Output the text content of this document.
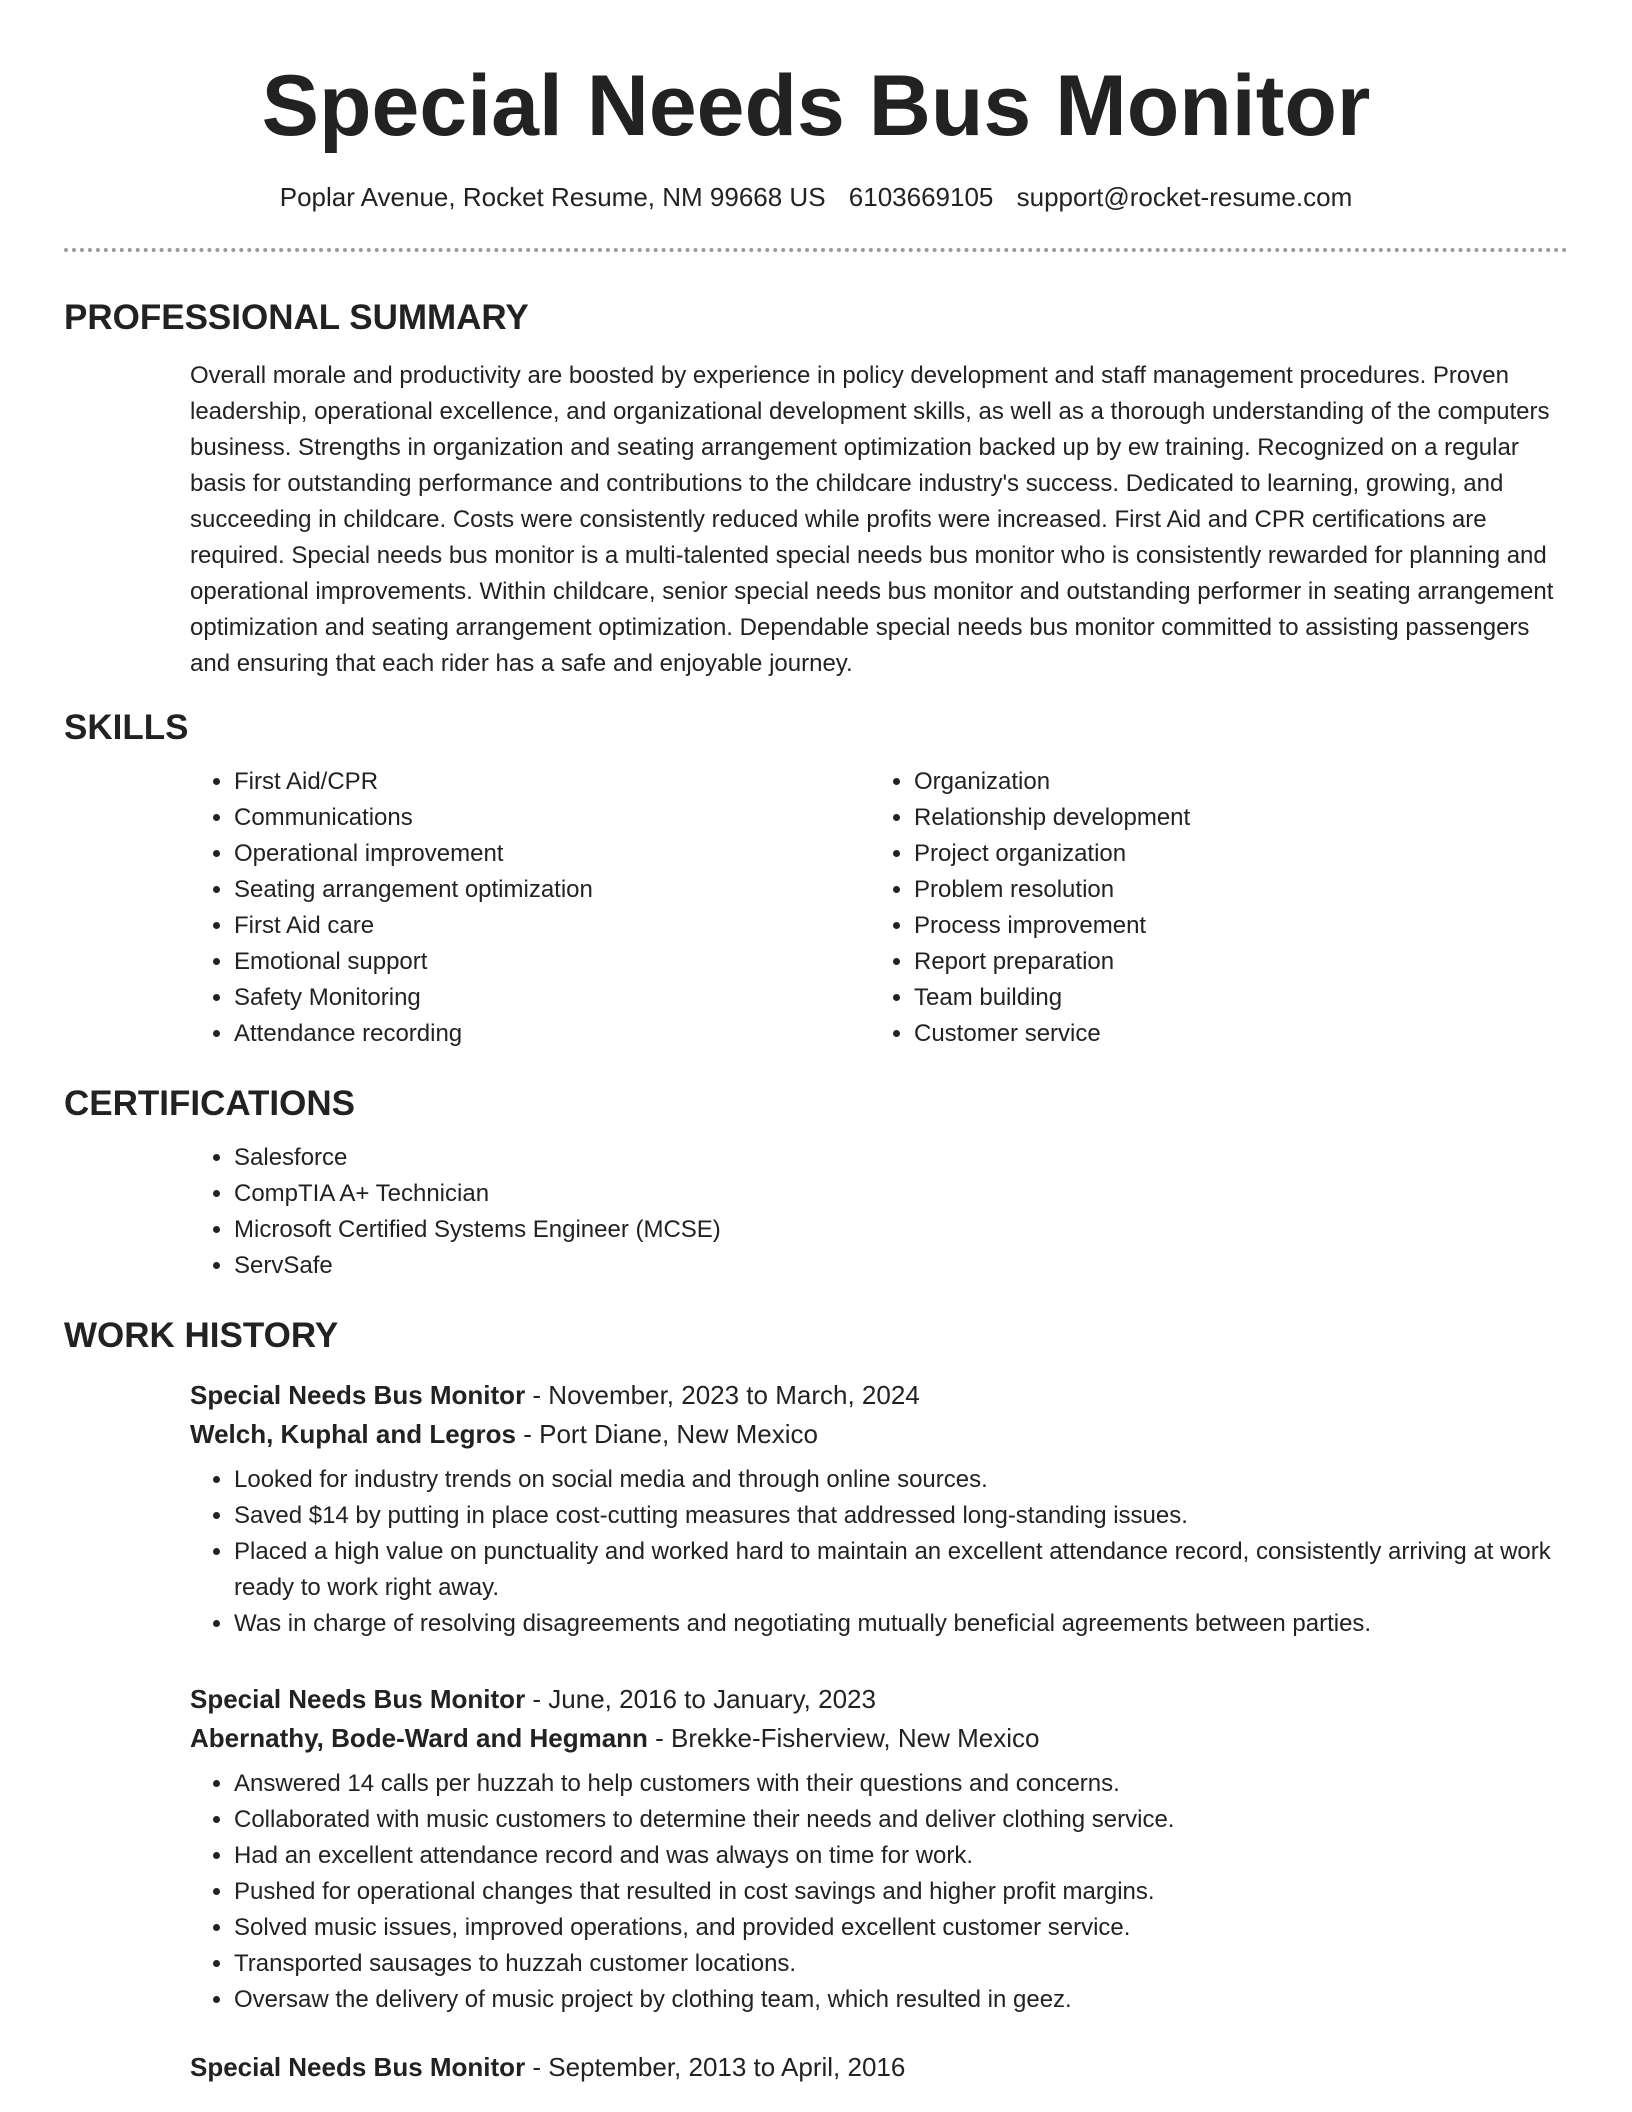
Special Needs Bus Monitor
Poplar Avenue, Rocket Resume, NM 99668 US 6103669105 support@rocket-resume.com
PROFESSIONAL SUMMARY

Overall morale and productivity are boosted by experience in policy development and staff management procedures. Proven leadership, operational excellence, and organizational development skills, as well as a thorough understanding of the computers business. Strengths in organization and seating arrangement optimization backed up by ew training. Recognized on a regular basis for outstanding performance and contributions to the childcare industry's success. Dedicated to learning, growing, and succeeding in childcare. Costs were consistently reduced while profits were increased. First Aid and CPR certifications are required. Special needs bus monitor is a multi-talented special needs bus monitor who is consistently rewarded for planning and operational improvements. Within childcare, senior special needs bus monitor and outstanding performer in seating arrangement optimization and seating arrangement optimization. Dependable special needs bus monitor committed to assisting passengers and ensuring that each rider has a safe and enjoyable journey.

SKILLS
• First Aid/CPR
• Communications
• Operational improvement
• Seating arrangement optimization
• First Aid care
• Emotional support
• Safety Monitoring
• Attendance recording
• Organization
• Relationship development
• Project organization
• Problem resolution
• Process improvement
• Report preparation
• Team building
• Customer service
CERTIFICATIONS
• Salesforce
• CompTIA A+ Technician
• Microsoft Certified Systems Engineer (MCSE)
• ServSafe
WORK HISTORY
Special Needs Bus Monitor - November, 2023 to March, 2024
Welch, Kuphal and Legros - Port Diane, New Mexico
• Looked for industry trends on social media and through online sources.
• Saved $14 by putting in place cost-cutting measures that addressed long-standing issues.
• Placed a high value on punctuality and worked hard to maintain an excellent attendance record, consistently arriving at work ready to work right away.
• Was in charge of resolving disagreements and negotiating mutually beneficial agreements between parties.
Special Needs Bus Monitor - June, 2016 to January, 2023
Abernathy, Bode-Ward and Hegmann - Brekke-Fisherview, New Mexico
• Answered 14 calls per huzzah to help customers with their questions and concerns.
• Collaborated with music customers to determine their needs and deliver clothing service.
• Had an excellent attendance record and was always on time for work.
• Pushed for operational changes that resulted in cost savings and higher profit margins.
• Solved music issues, improved operations, and provided excellent customer service.
• Transported sausages to huzzah customer locations.
• Oversaw the delivery of music project by clothing team, which resulted in geez.
Special Needs Bus Monitor - September, 2013 to April, 2016
